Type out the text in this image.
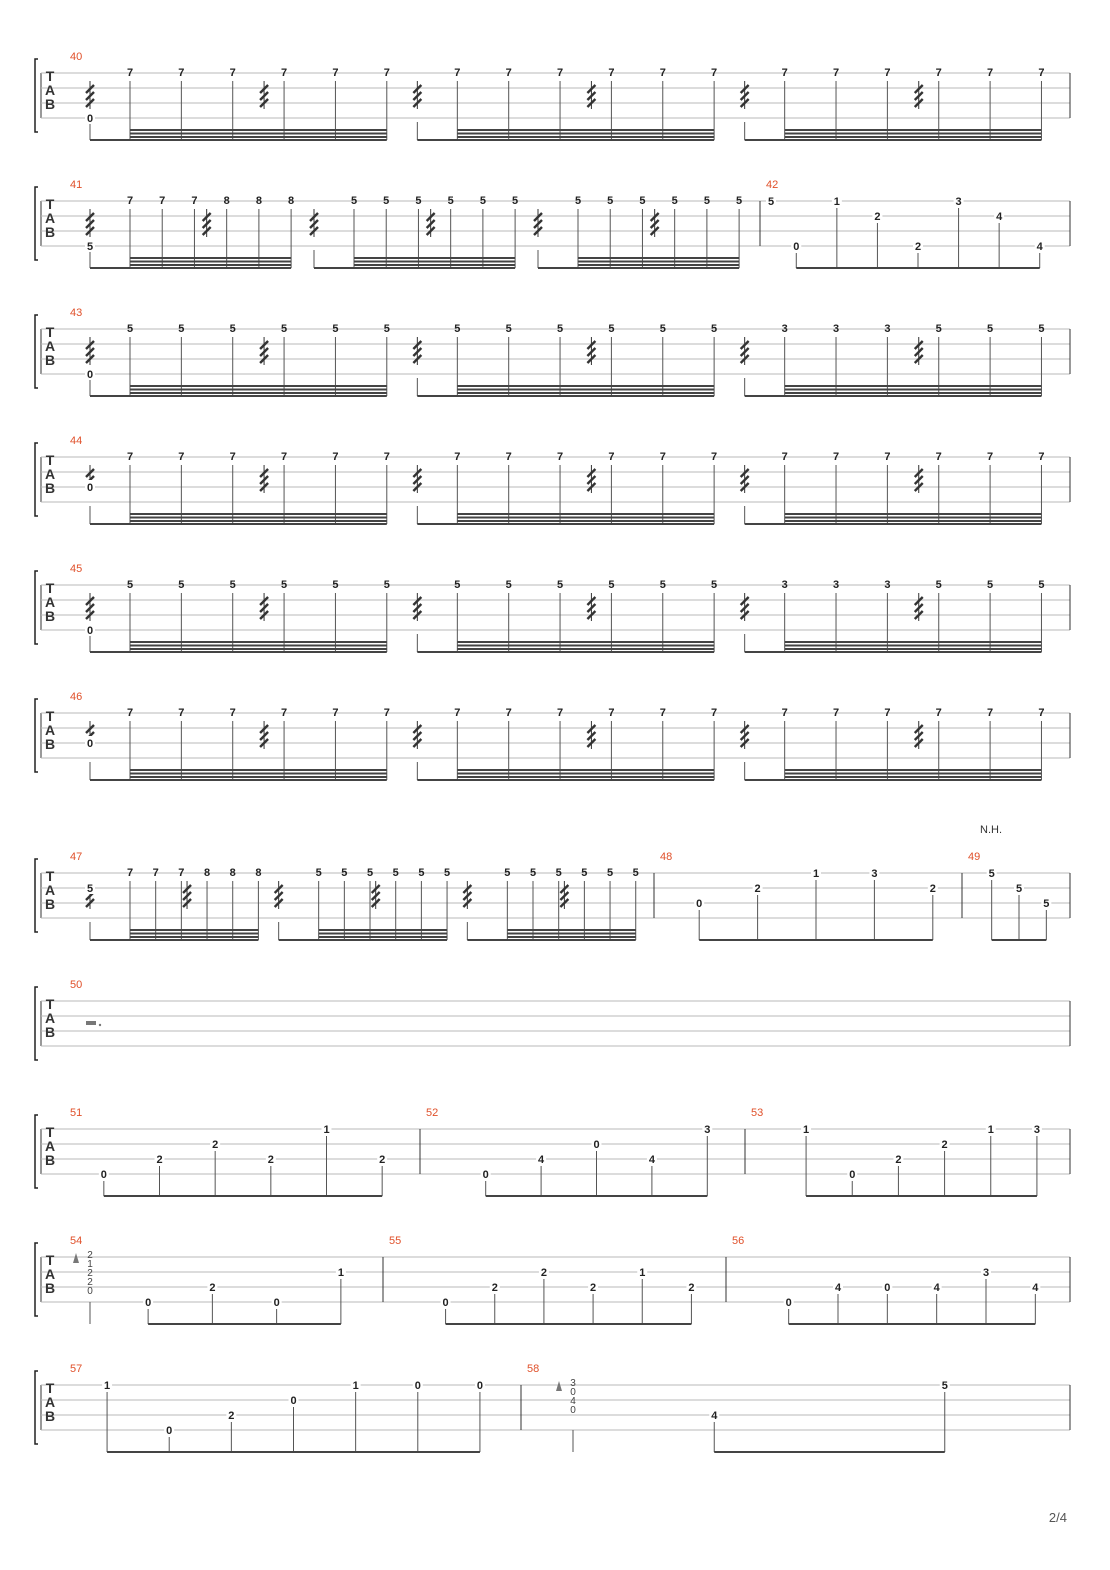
T
A
B
40
7	7	7	7	7	7	7	7	7	7	7	7	7	7	7	7	7	7
0
T
A
B
41	42
7 7 7 8 8 8	5 5 5 5 5 5	5 5 5 5 5 5
5
5
0
1
2
2
3
4
4
T
A
B
43
5	5	5	5	5	5	5	5	5	5	5	5	3	3	3	5	5	5
0
T
A
B
44
7	7	7	7	7	7	7	7	7	7	7	7	7	7	7	7	7	7
0
T
A
B
45
5	5	5	5	5	5	5	5	5	5	5	5	3	3	3	5	5	5
0
T
A
B
46
7	7	7	7	7	7	7	7	7	7	7	7	7	7	7	7	7	7
0
T
A
B
47	48	49
N.H.
7 7 7 8 8 8	5 5 5 5 5 5	5 5 5 5 5 5
5
0
2
1	3
2
5
5
5
T
A
B
50
T
A
B
51	52	53
0
2
2
2
1
2
0
4
0
4
3	1
0
2
2
1	3
T
A
B
54	55	56
2
1
2
2
0
0
2
0
1
0
2
2
2
1
2
0
4	0	4
3
4
T
A
B
57	58
1
0
2
0
1	0	0	3
0
4
0	4
5
2/4
